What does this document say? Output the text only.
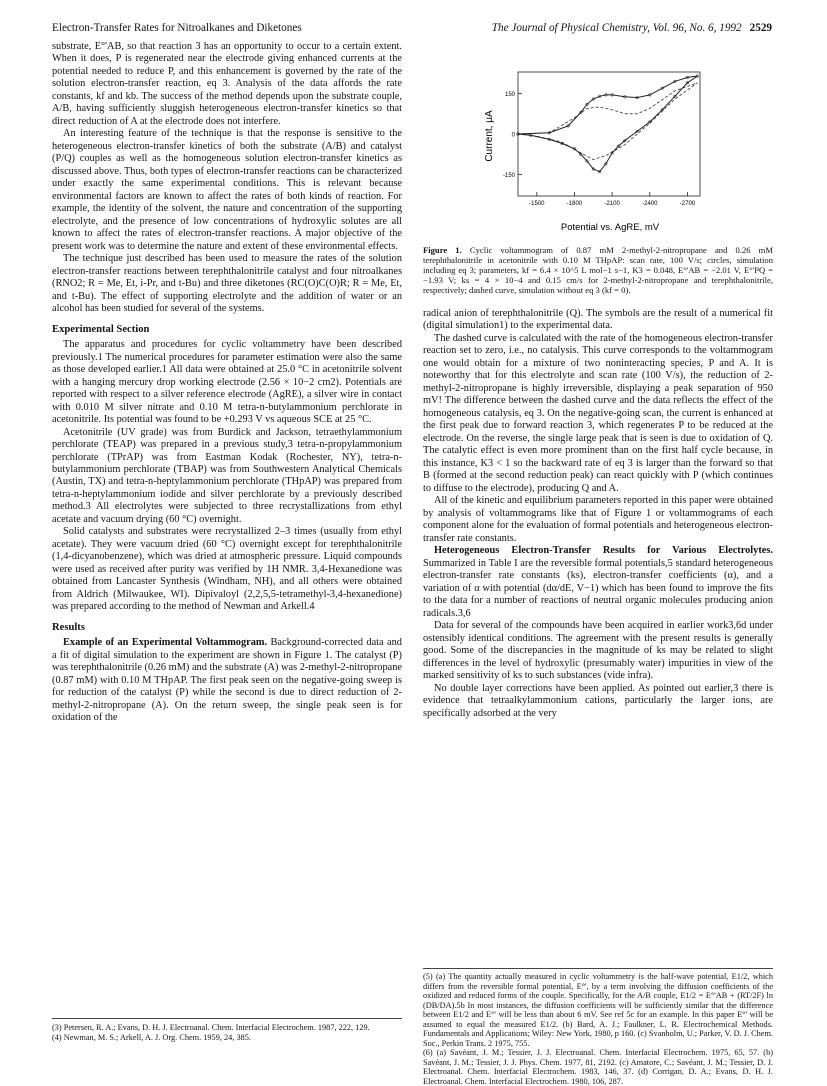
Electron-Transfer Rates for Nitroalkanes and Diketones	The Journal of Physical Chemistry, Vol. 96, No. 6, 1992 2529

substrate, E°'AB, so that reaction 3 has an opportunity to occur to a certain extent. When it does, P is regenerated near the electrode giving enhanced currents at the potential needed to reduce P, and this enhancement is governed by the rate of the solution electron-transfer reaction, eq 3. Analysis of the data affords the rate constants, kf and kb. The success of the method depends upon the substrate couple, A/B, having sufficiently sluggish heterogeneous electron-transfer kinetics so that direct reduction of A at the electrode does not interfere.

An interesting feature of the technique is that the response is sensitive to the heterogeneous electron-transfer kinetics of both the substrate (A/B) and catalyst (P/Q) couples as well as the homogeneous solution electron-transfer kinetics as discussed above. Thus, both types of electron-transfer reactions can be characterized under exactly the same experimental conditions. This is relevant because environmental factors are known to affect the rates of both kinds of reaction. For example, the identity of the solvent, the nature and concentration of the supporting electrolyte, and the presence of low concentrations of hydroxylic solutes are all known to affect the rates of electron-transfer reactions. A major objective of the present work was to determine the nature and extent of these environmental effects.

The technique just described has been used to measure the rates of the solution electron-transfer reactions between terephthalonitrile catalyst and four nitroalkanes (RNO2; R = Me, Et, i-Pr, and t-Bu) and three diketones (RC(O)C(O)R; R = Me, Et, and t-Bu). The effect of supporting electrolyte and the addition of water or an alcohol has been studied for several of the systems.

Experimental Section

The apparatus and procedures for cyclic voltammetry have been described previously.1 The numerical procedures for parameter estimation were also the same as those developed earlier.1 All data were obtained at 25.0 °C in acetonitrile solvent with a hanging mercury drop working electrode (2.56 × 10−2 cm2). Potentials are reported with respect to a silver reference electrode (AgRE), a silver wire in contact with 0.010 M silver nitrate and 0.10 M tetra-n-butylammonium perchlorate in acetonitrile. Its potential was found to be +0.293 V vs aqueous SCE at 25 °C.

Acetonitrile (UV grade) was from Burdick and Jackson, tetraethylammonium perchlorate (TEAP) was prepared in a previous study,3 tetra-n-propylammonium perchlorate (TPrAP) was from Eastman Kodak (Rochester, NY), tetra-n-butylammonium perchlorate (TBAP) was from Southwestern Analytical Chemicals (Austin, TX) and tetra-n-heptylammonium perchlorate (THpAP) was prepared from tetra-n-heptylammonium iodide and silver perchlorate by a previously described method.3 All electrolytes were subjected to three recrystallizations from ethyl acetate and vacuum drying (60 °C) overnight.

Solid catalysts and substrates were recrystallized 2–3 times (usually from ethyl acetate). They were vacuum dried (60 °C) overnight except for terephthalonitrile (1,4-dicyanobenzene), which was dried at atmospheric pressure. Liquid compounds were used as received after purity was verified by 1H NMR. 3,4-Hexanedione was obtained from Lancaster Synthesis (Windham, NH), and all others were obtained from Aldrich (Milwaukee, WI). Dipivaloyl (2,2,5,5-tetramethyl-3,4-hexanedione) was prepared according to the method of Newman and Arkell.4

Results

Example of an Experimental Voltammogram. Background-corrected data and a fit of digital simulation to the experiment are shown in Figure 1. The catalyst (P) was terephthalonitrile (0.26 mM) and the substrate (A) was 2-methyl-2-nitropropane (0.87 mM) with 0.10 M THpAP. The first peak seen on the negative-going sweep is for reduction of the catalyst (P) while the second is due to direct reduction of 2-methyl-2-nitropropane (A). On the return sweep, the single peak seen is for oxidation of the

(3) Petersen, R. A.; Evans, D. H. J. Electroanal. Chem. Interfacial Electrochem. 1987, 222, 129.

(4) Newman, M. S.; Arkell, A. J. Org. Chem. 1959, 24, 385.

150
0
-150
-1500	-1800	-2100	-2400	-2700
Current, μA
Potential vs. AgRE, mV
Figure 1. Cyclic voltammogram of 0.87 mM 2-methyl-2-nitropropane and 0.26 mM terephthalonitrile in acetonitrile with 0.10 M THpAP: scan rate, 100 V/s; circles, simulation including eq 3; parameters, kf = 6.4 × 10^5 L mol−1 s−1, K3 = 0.048, E°'AB = −2.01 V, E°'PQ = −1.93 V; ks = 4 × 10−4 and 0.15 cm/s for 2-methyl-2-nitropropane and terephthalonitrile, respectively; dashed curve, simulation without eq 3 (kf = 0).

radical anion of terephthalonitrile (Q). The symbols are the result of a numerical fit (digital simulation1) to the experimental data.

The dashed curve is calculated with the rate of the homogeneous electron-transfer reaction set to zero, i.e., no catalysis. This curve corresponds to the voltammogram one would obtain for a mixture of two noninteracting species, P and A. It is noteworthy that for this electrolyte and scan rate (100 V/s), the reduction of 2-methyl-2-nitropropane is highly irreversible, displaying a peak separation of 950 mV! The difference between the dashed curve and the data reflects the effect of the homogeneous catalysis, eq 3. On the negative-going scan, the current is enhanced at the first peak due to forward reaction 3, which regenerates P to be reduced at the electrode. On the reverse, the single large peak that is seen is due to oxidation of Q. The catalytic effect is even more prominent than on the first half cycle because, in this instance, K3 < 1 so the backward rate of eq 3 is larger than the forward so that B (formed at the second reduction peak) can react quickly with P (which continues to diffuse to the electrode), producing Q and A.

All of the kinetic and equilibrium parameters reported in this paper were obtained by analysis of voltammograms like that of Figure 1 or voltammograms of each component alone for the evaluation of formal potentials and heterogeneous electron-transfer rate constants.

Heterogeneous Electron-Transfer Results for Various Electrolytes. Summarized in Table I are the reversible formal potentials,5 standard heterogeneous electron-transfer rate constants (ks), electron-transfer coefficients (α), and a variation of α with potential (dα/dE, V−1) which has been found to improve the fits to the data for a number of reactions of neutral organic molecules producing anion radicals.3,6

Data for several of the compounds have been acquired in earlier work3,6d under ostensibly identical conditions. The agreement with the present results is generally good. Some of the discrepancies in the magnitude of ks may be related to slight differences in the level of hydroxylic (presumably water) impurities in view of the marked sensitivity of ks to such substances (vide infra).

No double layer corrections have been applied. As pointed out earlier,3 there is evidence that tetraalkylammonium cations, particularly the larger ions, are specifically adsorbed at the very

(5) (a) The quantity actually measured in cyclic voltammetry is the half-wave potential, E1/2, which differs from the reversible formal potential, E°', by a term involving the diffusion coefficients of the oxidized and reduced forms of the couple. Specifically, for the A/B couple, E1/2 = E°'AB + (RT/2F) ln (DB/DA).5b In most instances, the diffusion coefficients will be sufficiently similar that the difference between E1/2 and E°' will be less than about 6 mV. See ref 5c for an example. In this paper E°' will be assumed to equal the measured E1/2. (b) Bard, A. J.; Faulkner, L. R. Electrochemical Methods. Fundamentals and Applications; Wiley: New York, 1980, p 160. (c) Svanholm, U.; Parker, V. D. J. Chem. Soc., Perkin Trans. 2 1975, 755.

(6) (a) Savéant, J. M.; Tessier, J. J. Electroanal. Chem. Interfacial Electrochem. 1975, 65, 57. (b) Savéant, J. M.; Tessier, J. J. Phys. Chem. 1977, 81, 2192. (c) Amatore, C.; Savéant, J. M.; Tessier, D. J. Electroanal. Chem. Interfacial Electrochem. 1983, 146, 37. (d) Corrigan, D. A.; Evans, D. H. J. Electroanal. Chem. Interfacial Electrochem. 1980, 106, 287.
